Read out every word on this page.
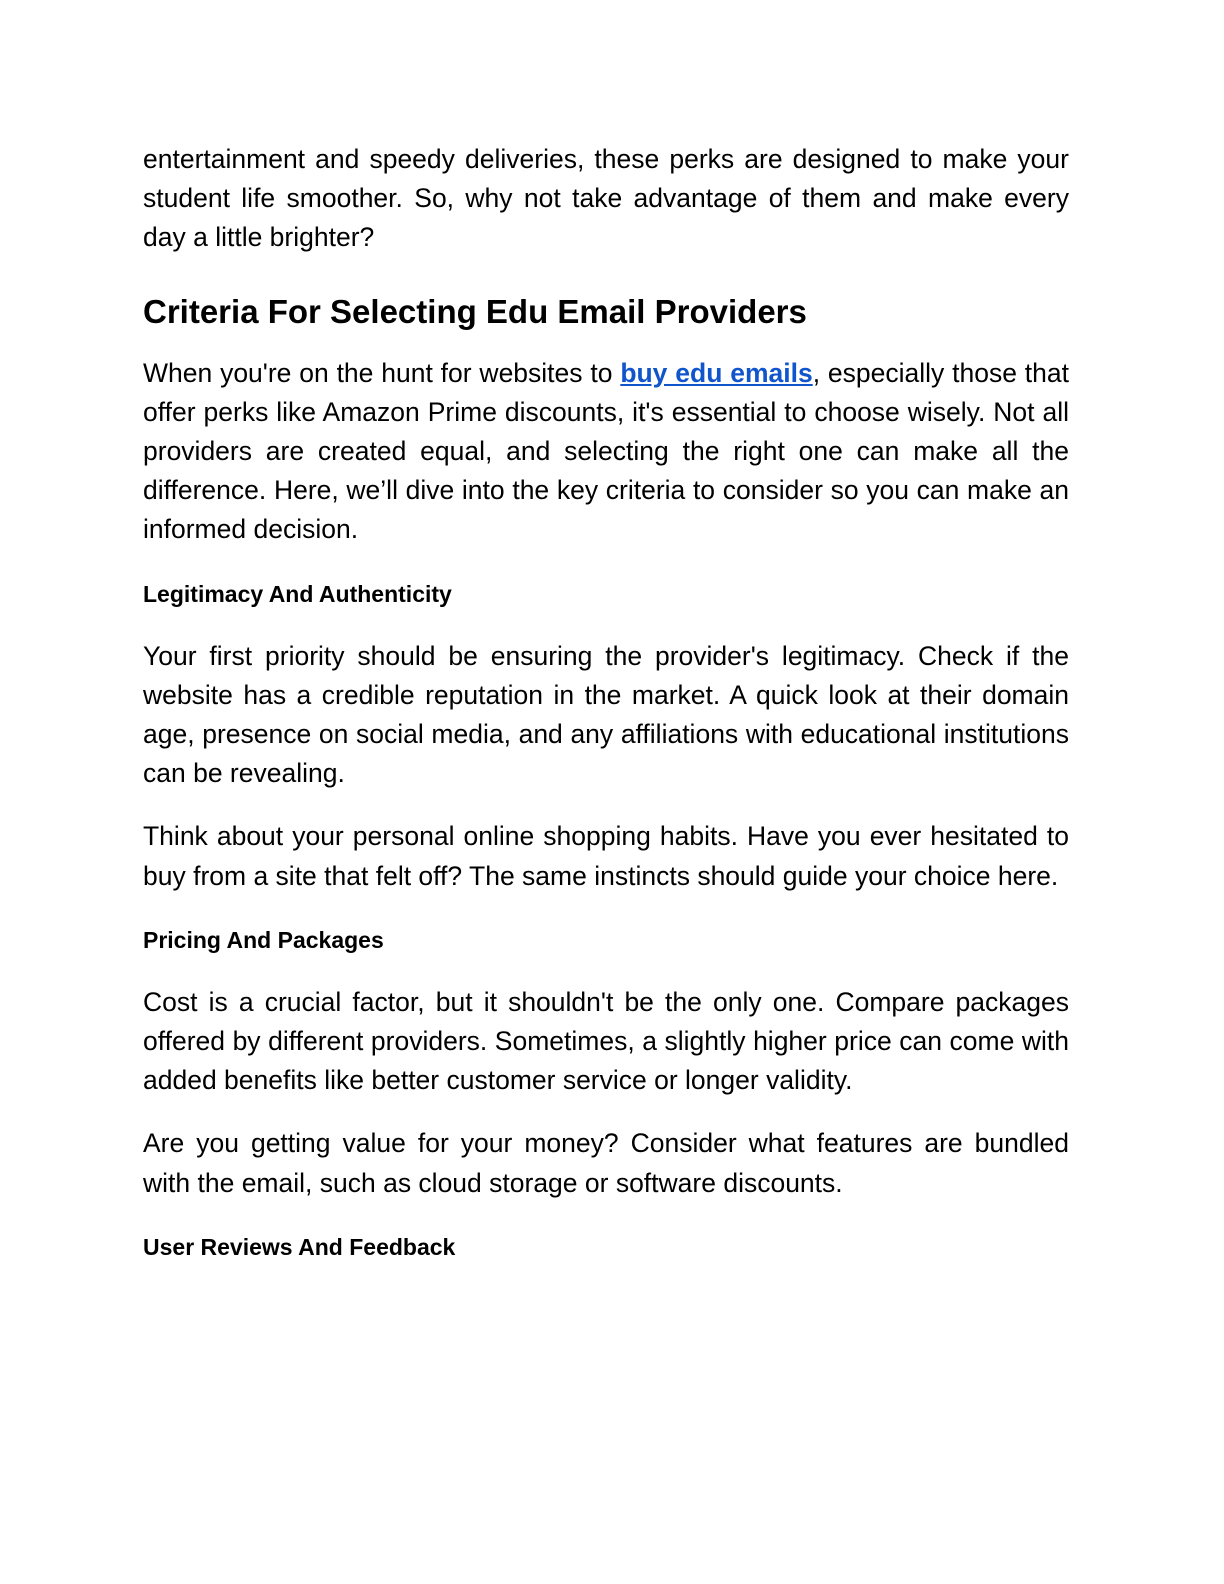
entertainment and speedy deliveries, these perks are designed to make your student life smoother. So, why not take advantage of them and make every day a little brighter?

Criteria For Selecting Edu Email Providers

When you're on the hunt for websites to buy edu emails, especially those that offer perks like Amazon Prime discounts, it's essential to choose wisely. Not all providers are created equal, and selecting the right one can make all the difference. Here, we’ll dive into the key criteria to consider so you can make an informed decision.

Legitimacy And Authenticity

Your first priority should be ensuring the provider's legitimacy. Check if the website has a credible reputation in the market. A quick look at their domain age, presence on social media, and any affiliations with educational institutions can be revealing.

Think about your personal online shopping habits. Have you ever hesitated to buy from a site that felt off? The same instincts should guide your choice here.

Pricing And Packages

Cost is a crucial factor, but it shouldn't be the only one. Compare packages offered by different providers. Sometimes, a slightly higher price can come with added benefits like better customer service or longer validity.

Are you getting value for your money? Consider what features are bundled with the email, such as cloud storage or software discounts.

User Reviews And Feedback
